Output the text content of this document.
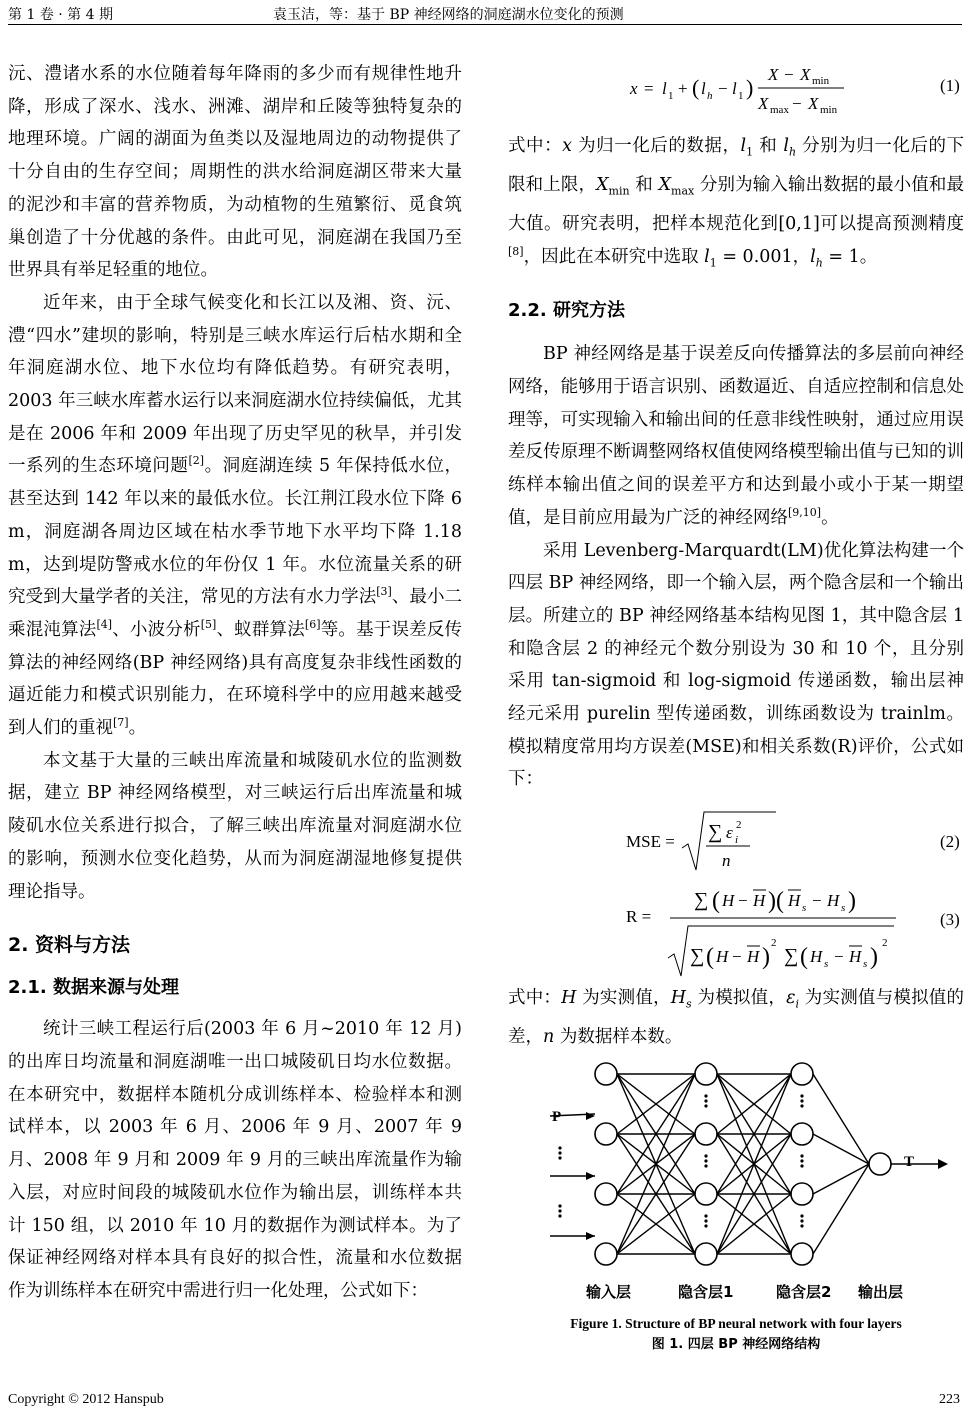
第 1 卷 · 第 4 期	袁玉洁，等：基于 BP 神经网络的洞庭湖水位变化的预测

沅、澧诸水系的水位随着每年降雨的多少而有规律性地升降，形成了深水、浅水、洲滩、湖岸和丘陵等独特复杂的地理环境。广阔的湖面为鱼类以及湿地周边的动物提供了十分自由的生存空间；周期性的洪水给洞庭湖区带来大量的泥沙和丰富的营养物质，为动植物的生殖繁衍、觅食筑巢创造了十分优越的条件。由此可见，洞庭湖在我国乃至世界具有举足轻重的地位。

近年来，由于全球气候变化和长江以及湘、资、沅、澧“四水”建坝的影响，特别是三峡水库运行后枯水期和全年洞庭湖水位、地下水位均有降低趋势。有研究表明，2003 年三峡水库蓄水运行以来洞庭湖水位持续偏低，尤其是在 2006 年和 2009 年出现了历史罕见的秋旱，并引发一系列的生态环境问题[2]。洞庭湖连续 5 年保持低水位，甚至达到 142 年以来的最低水位。长江荆江段水位下降 6 m，洞庭湖各周边区域在枯水季节地下水平均下降 1.18 m，达到堤防警戒水位的年份仅 1 年。水位流量关系的研究受到大量学者的关注，常见的方法有水力学法[3]、最小二乘混沌算法[4]、小波分析[5]、蚁群算法[6]等。基于误差反传算法的神经网络(BP 神经网络)具有高度复杂非线性函数的逼近能力和模式识别能力，在环境科学中的应用越来越受到人们的重视[7]。

本文基于大量的三峡出库流量和城陵矶水位的监测数据，建立 BP 神经网络模型，对三峡运行后出库流量和城陵矶水位关系进行拟合，了解三峡出库流量对洞庭湖水位的影响，预测水位变化趋势，从而为洞庭湖湿地修复提供理论指导。

2. 资料与方法

2.1. 数据来源与处理

统计三峡工程运行后(2003 年 6 月~2010 年 12 月)的出库日均流量和洞庭湖唯一出口城陵矶日均水位数据。在本研究中，数据样本随机分成训练样本、检验样本和测试样本，以 2003 年 6 月、2006 年 9 月、2007 年 9 月、2008 年 9 月和 2009 年 9 月的三峡出库流量作为输入层，对应时间段的城陵矶水位作为输出层，训练样本共计 150 组，以 2010 年 10 月的数据作为测试样本。为了保证神经网络对样本具有良好的拟合性，流量和水位数据作为训练样本在研究中需进行归一化处理，公式如下：

x = l 1 + ( l h − l 1 )
X − X min
X max − X min
(1)

式中：x 为归一化后的数据，$l_1$ 和 $l_h$ 分别为归一化后的下限和上限，$X_{min}$ 和 $X_{max}$ 分别为输入输出数据的最小值和最大值。研究表明，把样本规范化到[0,1]可以提高预测精度[8]，因此在本研究中选取 $l_1 = 0.001$，$l_h = 1$。

2.2. 研究方法

BP 神经网络是基于误差反向传播算法的多层前向神经网络，能够用于语言识别、函数逼近、自适应控制和信息处理等，可实现输入和输出间的任意非线性映射，通过应用误差反传原理不断调整网络权值使网络模型输出值与已知的训练样本输出值之间的误差平方和达到最小或小于某一期望值，是目前应用最为广泛的神经网络[9,10]。

采用 Levenberg-Marquardt(LM)优化算法构建一个四层 BP 神经网络，即一个输入层，两个隐含层和一个输出层。所建立的 BP 神经网络基本结构见图 1，其中隐含层 1 和隐含层 2 的神经元个数分别设为 30 和 10 个，且分别采用 tan-sigmoid 和 log-sigmoid 传递函数，输出层神经元采用 purelin 型传递函数，训练函数设为 trainlm。模拟精度常用均方误差(MSE)和相关系数(R)评价，公式如下：

MSE = ∑ ε i
2
n
(2)
R =
∑ ( H − H )( H s − H s )
∑ ( H − H )
2
∑ ( H s − H s )
2
(3)

式中：H 为实测值，$H_s$ 为模拟值，$\varepsilon_i$ 为实测值与模拟值的差，n 为数据样本数。

P
T
输入层	隐含层1	隐含层2 输出层
Figure 1. Structure of BP neural network with four layers
图 1. 四层 BP 神经网络结构
Copyright © 2012 Hanspub	223
